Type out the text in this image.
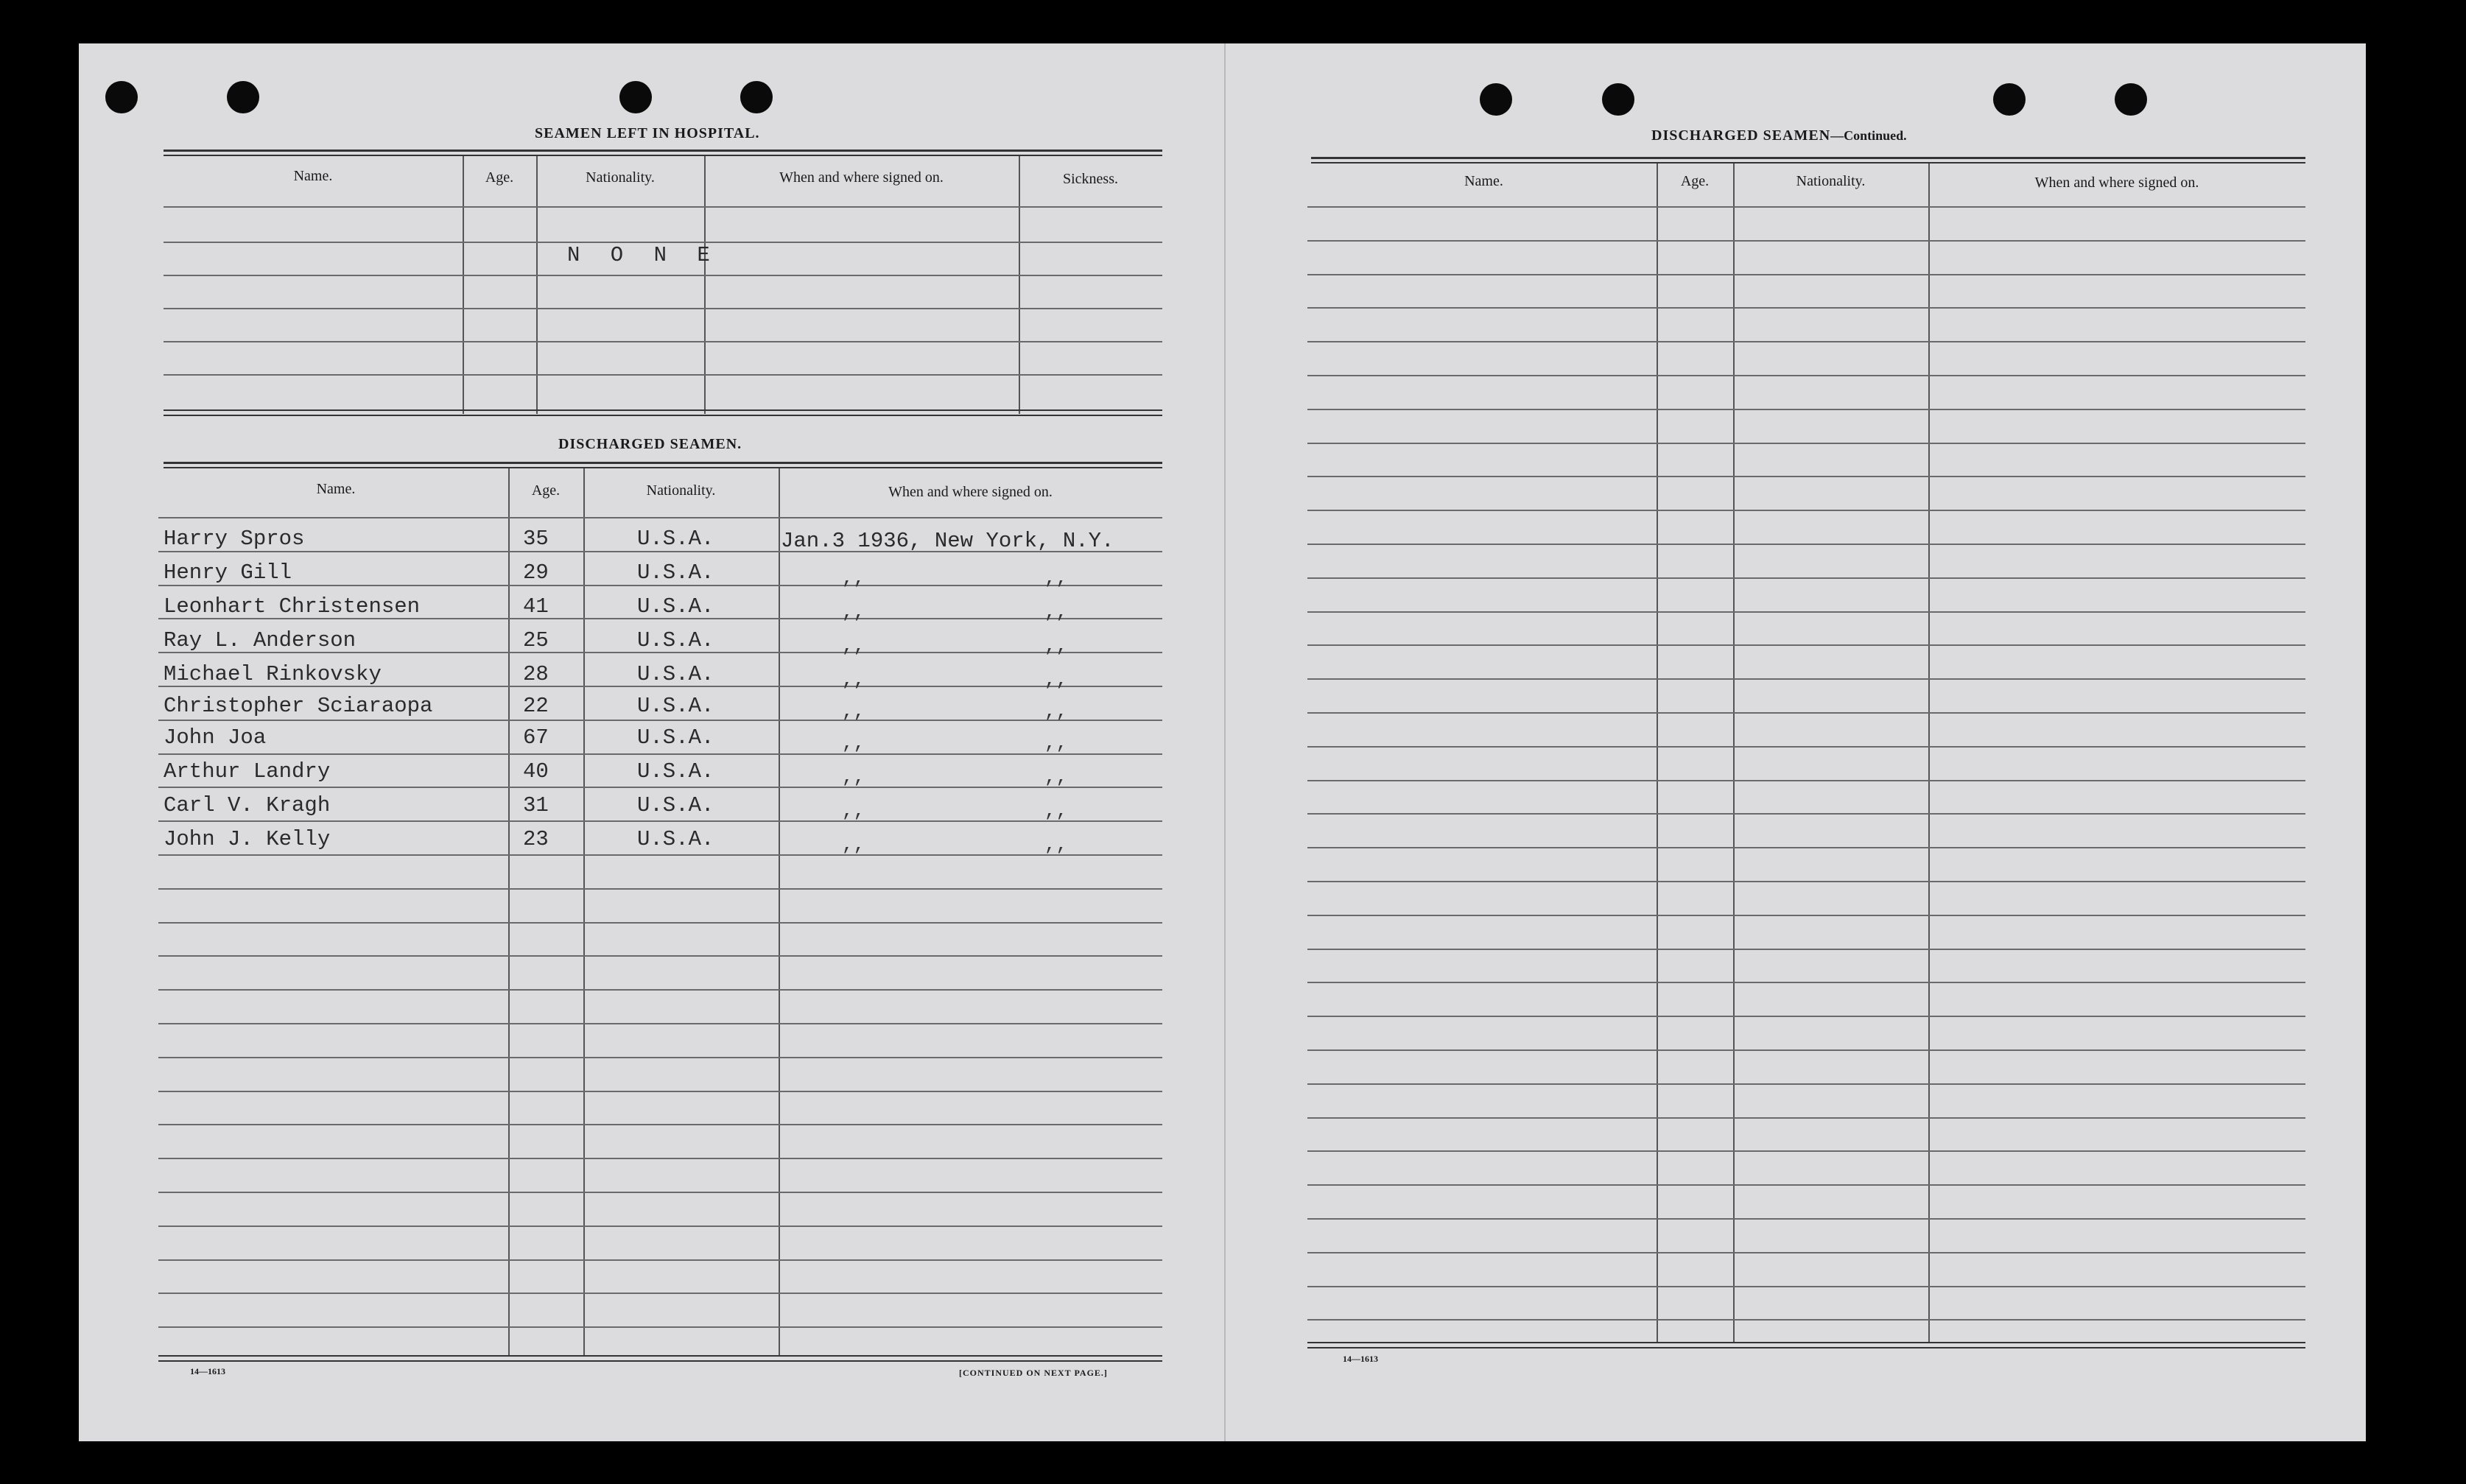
SEAMEN LEFT IN HOSPITAL.
Name.	Age.	Nationality.	When and where signed on.	Sickness.
N O N E
DISCHARGED SEAMEN.
Name.	Age.	Nationality.	When and where signed on.
Harry Spros	35	U.S.A.	Jan.3 1936, New York, N.Y.
Henry Gill	29	U.S.A.	,,	,,
Leonhart Christensen	41	U.S.A.	,,	,,
Ray L. Anderson	25	U.S.A.	,,	,,
Michael Rinkovsky	28	U.S.A.	,,	,,
Christopher Sciaraopa	22	U.S.A.	,,	,,
John Joa	67	U.S.A.	,,	,,
Arthur Landry	40	U.S.A.	,,	,,
Carl V. Kragh	31	U.S.A.	,,	,,
John J. Kelly	23	U.S.A.	,,	,,
14—1613	[CONTINUED ON NEXT PAGE.]
DISCHARGED SEAMEN—Continued.
Name.	Age.	Nationality.	When and where signed on.
14—1613
